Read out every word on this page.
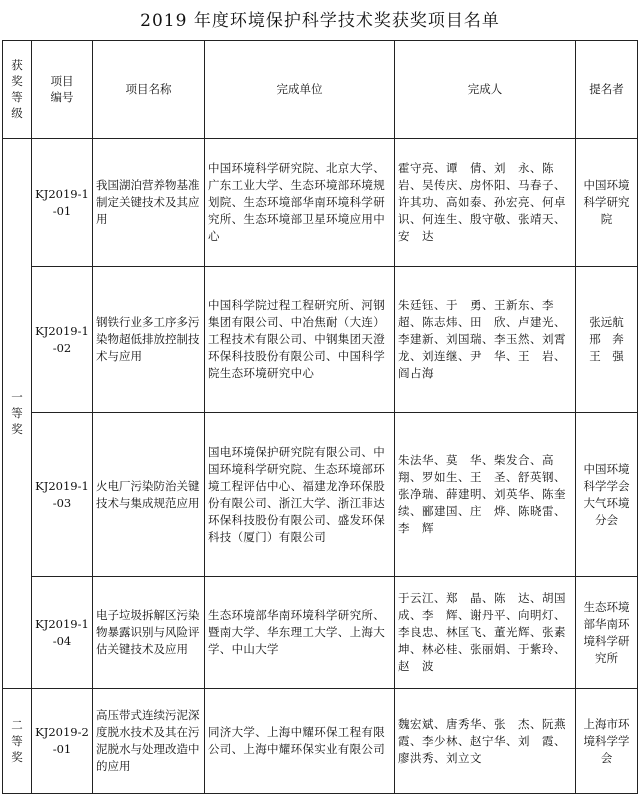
2019 年度环境保护科学技术奖获奖项目名单
获奖等级	项目编号	项目名称	完成单位	完成人	提名者
一等奖	KJ2019-1-01	我国湖泊营养物基准制定关键技术及其应用	中国环境科学研究院、北京大学、广东工业大学、生态环境部环境规划院、生态环境部华南环境科学研究所、生态环境部卫星环境应用中心	霍守亮、谭　倩、刘　永、陈　岩、吴传庆、房怀阳、马春子、许其功、高如泰、孙宏亮、何卓识、何连生、殷守敬、张靖天、安　达	中国环境科学研究院
	KJ2019-1-02	钢铁行业多工序多污染物超低排放控制技术与应用	中国科学院过程工程研究所、河钢集团有限公司、中冶焦耐（大连）工程技术有限公司、中钢集团天澄环保科技股份有限公司、中国科学院生态环境研究中心	朱廷钰、于　勇、王新东、李　超、陈志炜、田　欣、卢建光、李建新、刘国瑞、李玉然、刘霄龙、刘连继、尹　华、王　岩、阎占海	张远航　邢　奔　王　强
	KJ2019-1-03	火电厂污染防治关键技术与集成规范应用	国电环境保护研究院有限公司、中国环境科学研究院、生态环境部环境工程评估中心、福建龙净环保股份有限公司、浙江大学、浙江菲达环保科技股份有限公司、盛发环保科技（厦门）有限公司	朱法华、莫　华、柴发合、高　翔、罗如生、王　圣、舒英钢、张净瑞、薛建明、刘英华、陈奎续、郦建国、庄　烨、陈晓雷、李　辉	中国环境科学学会大气环境分会
	KJ2019-1-04	电子垃圾拆解区污染物暴露识别与风险评估关键技术及应用	生态环境部华南环境科学研究所、暨南大学、华东理工大学、上海大学、中山大学	于云江、郑　晶、陈　达、胡国成、李　辉、谢丹平、向明灯、李良忠、林匡飞、董光辉、张素坤、林必桂、张丽娟、于紫玲、赵　波	生态环境部华南环境科学研究所
二等奖	KJ2019-2-01	高压带式连续污泥深度脱水技术及其在污泥脱水与处理改造中的应用	同济大学、上海中耀环保工程有限公司、上海中耀环保实业有限公司	魏宏斌、唐秀华、张　杰、阮燕霞、李少林、赵宁华、刘　霞、廖洪秀、刘立文	上海市环境科学学会
